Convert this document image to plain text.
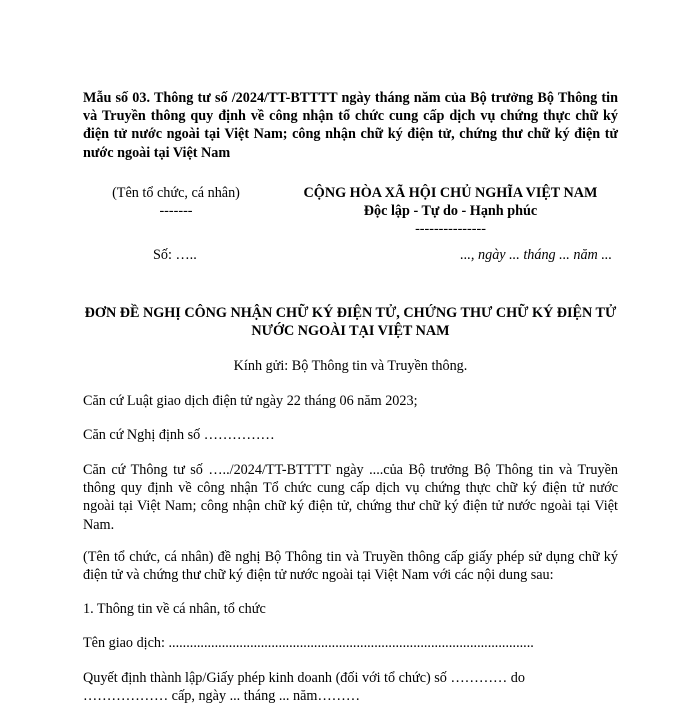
Mẫu số 03. Thông tư số /2024/TT-BTTTT ngày tháng năm của Bộ trưởng Bộ Thông tin và Truyền thông quy định về công nhận tổ chức cung cấp dịch vụ chứng thực chữ ký điện tử nước ngoài tại Việt Nam; công nhận chữ ký điện tử, chứng thư chữ ký điện tử nước ngoài tại Việt Nam
(Tên tổ chức, cá nhân)
-------
CỘNG HÒA XÃ HỘI CHỦ NGHĨA VIỆT NAM
Độc lập - Tự do - Hạnh phúc
---------------
Số: …..	..., ngày ... tháng ... năm ...
ĐƠN ĐỀ NGHỊ CÔNG NHẬN CHỮ KÝ ĐIỆN TỬ, CHỨNG THƯ CHỮ KÝ ĐIỆN TỬ NƯỚC NGOÀI TẠI VIỆT NAM
Kính gửi: Bộ Thông tin và Truyền thông.
Căn cứ Luật giao dịch điện tử ngày 22 tháng 06 năm 2023;
Căn cứ Nghị định số ……………
Căn cứ Thông tư số …../2024/TT-BTTTT ngày ....của Bộ trưởng Bộ Thông tin và Truyền thông quy định về công nhận Tổ chức cung cấp dịch vụ chứng thực chữ ký điện tử nước ngoài tại Việt Nam; công nhận chữ ký điện tử, chứng thư chữ ký điện tử nước ngoài tại Việt Nam.
(Tên tổ chức, cá nhân) đề nghị Bộ Thông tin và Truyền thông cấp giấy phép sử dụng chữ ký điện tử và chứng thư chữ ký điện tử nước ngoài tại Việt Nam với các nội dung sau:
1. Thông tin về cá nhân, tổ chức
Tên giao dịch: .......................................................................................................
Quyết định thành lập/Giấy phép kinh doanh (đối với tổ chức) số ………… do
……………… cấp, ngày ... tháng ... năm………
